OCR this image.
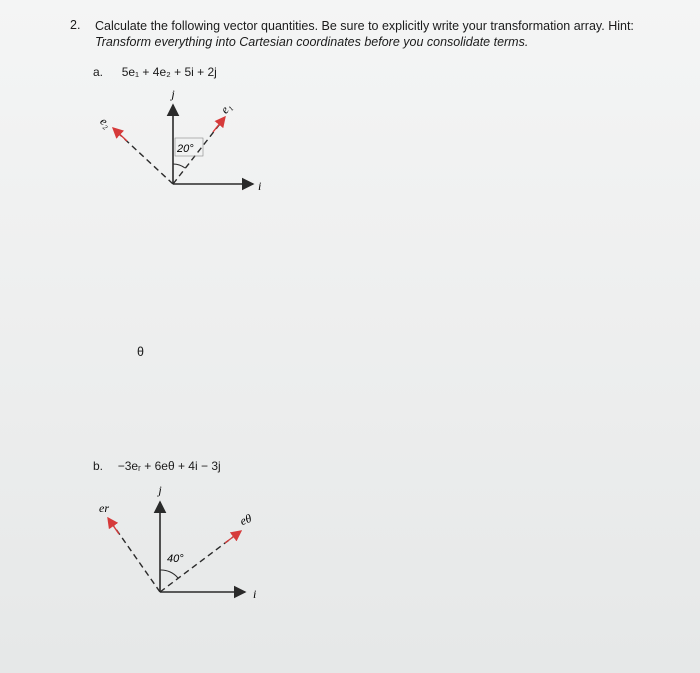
2. Calculate the following vector quantities. Be sure to explicitly write your transformation array. Hint:
Transform everything into Cartesian coordinates before you consolidate terms.
a. 5e₁ + 4e₂ + 5i + 2j
j
i
e₁
e₂
20°
θ
b. −3eᵣ + 6eθ + 4i − 3j
j
i
er
eθ
40°
